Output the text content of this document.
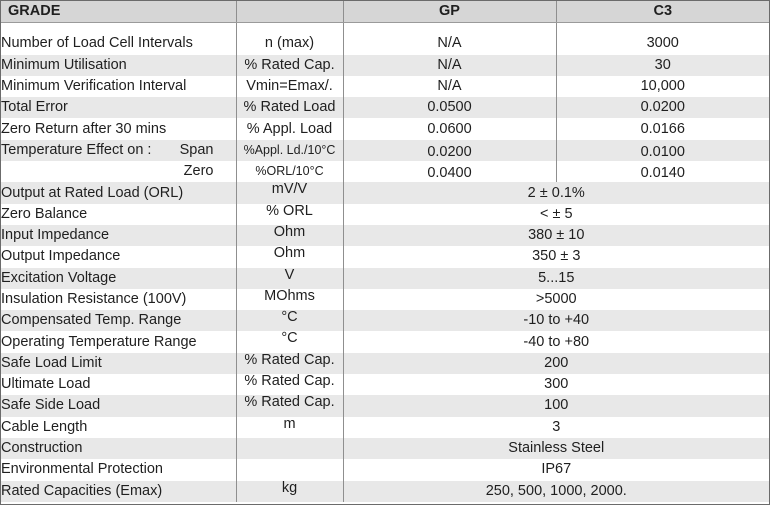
GRADE		GP	C3

Number of Load Cell Intervals	n (max)	N/A	3000
Minimum Utilisation	% Rated Cap.	N/A	30
Minimum Verification Interval	Vmin=Emax/.	N/A	10,000
Total Error	% Rated Load	0.0500	0.0200
Zero Return after 30 mins	% Appl. Load	0.0600	0.0166
Temperature Effect on : Span	%Appl. Ld./10°C	0.0200	0.0100
Zero	%ORL/10°C	0.0400	0.0140
Output at Rated Load (ORL)	mV/V	2 ± 0.1%	
Zero Balance	% ORL	< ± 5	
Input Impedance	Ohm	380 ± 10	
Output Impedance	Ohm	350 ± 3	
Excitation Voltage	V	5...15	
Insulation Resistance (100V)	MOhms	>5000	
Compensated Temp. Range	°C	-10 to +40	
Operating Temperature Range	°C	-40 to +80	
Safe Load Limit	% Rated Cap.	200	
Ultimate Load	% Rated Cap.	300	
Safe Side Load	% Rated Cap.	100	
Cable Length	m	3	
Construction		Stainless Steel	
Environmental Protection		IP67	
Rated Capacities (Emax)	kg	250, 500, 1000, 2000.	
